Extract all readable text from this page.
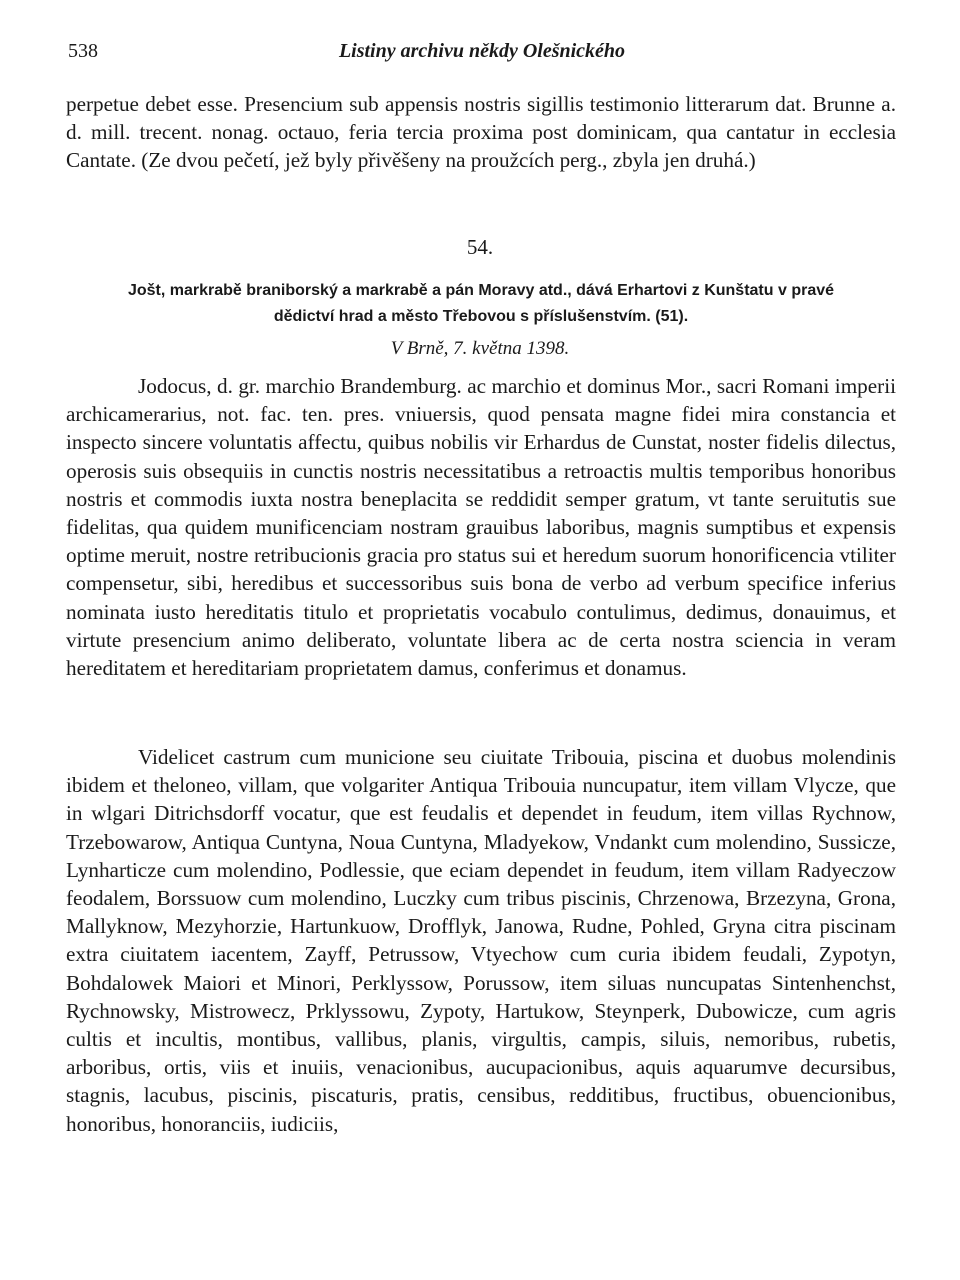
538	Listiny archivu někdy Olešnického

perpetue debet esse. Presencium sub appensis nostris sigillis testimonio litterarum dat. Brunne a. d. mill. trecent. nonag. octauo, feria tercia proxima post dominicam, qua cantatur in ecclesia Cantate. (Ze dvou pečetí, jež byly přivěšeny na proužcích perg., zbyla jen druhá.)

54.
Jošt, markrabě braniborský a markrabě a pán Moravy atd., dává Erhartovi z Kunštatu v pravé
dědictví hrad a město Třebovou s příslušenstvím. (51).
V Brně, 7. května 1398.

Jodocus, d. gr. marchio Brandemburg. ac marchio et dominus Mor., sacri Romani imperii archicamerarius, not. fac. ten. pres. vniuersis, quod pensata magne fidei mira constancia et inspecto sincere voluntatis affectu, quibus nobilis vir Erhardus de Cunstat, noster fidelis dilectus, operosis suis obsequiis in cunctis nostris necessitatibus a retroactis multis temporibus honoribus nostris et commodis iuxta nostra beneplacita se reddidit semper gratum, vt tante seruitutis sue fidelitas, qua quidem munificenciam nostram grauibus laboribus, magnis sumptibus et expensis optime meruit, nostre retribucionis gracia pro status sui et heredum suorum honorificencia vtiliter compensetur, sibi, heredibus et successoribus suis bona de verbo ad verbum specifice inferius nominata iusto hereditatis titulo et proprietatis vocabulo contulimus, dedimus, donauimus, et virtute presencium animo deliberato, voluntate libera ac de certa nostra sciencia in veram hereditatem et hereditariam proprietatem damus, conferimus et donamus.

Videlicet castrum cum municione seu ciuitate Tribouia, piscina et duobus molendinis ibidem et theloneo, villam, que volgariter Antiqua Tribouia nuncupatur, item villam Vlycze, que in wlgari Ditrichsdorff vocatur, que est feudalis et dependet in feudum, item villas Rychnow, Trzebowarow, Antiqua Cuntyna, Noua Cuntyna, Mladyekow, Vndankt cum molendino, Sussicze, Lynharticze cum molendino, Podlessie, que eciam dependet in feudum, item villam Radyeczow feodalem, Borssuow cum molendino, Luczky cum tribus piscinis, Chrzenowa, Brzezyna, Grona, Mallyknow, Mezyhorzie, Hartunkuow, Drofflyk, Janowa, Rudne, Pohled, Gryna citra piscinam extra ciuitatem iacentem, Zayff, Petrussow, Vtyechow cum curia ibidem feudali, Zypotyn, Bohdalowek Maiori et Minori, Perklyssow, Porussow, item siluas nuncupatas Sintenhenchst, Rychnowsky, Mistrowecz, Prklyssowu, Zypoty, Hartukow, Steynperk, Dubowicze, cum agris cultis et incultis, montibus, vallibus, planis, virgultis, campis, siluis, nemoribus, rubetis, arboribus, ortis, viis et inuiis, venacionibus, aucupacionibus, aquis aquarumve decursibus, stagnis, lacubus, piscinis, piscaturis, pratis, censibus, redditibus, fructibus, obuencionibus, honoribus, honoranciis, iudiciis,
